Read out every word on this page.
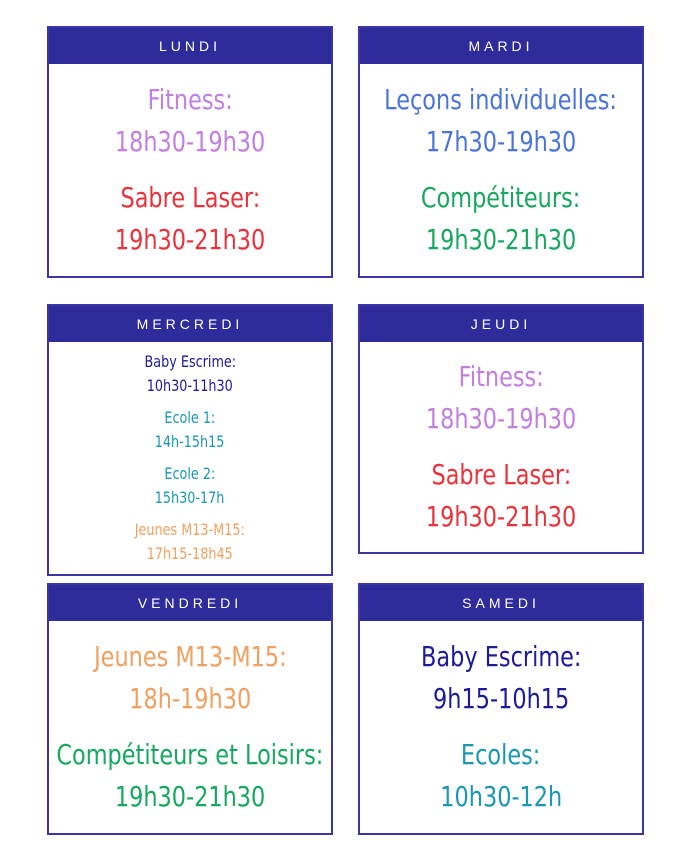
LUNDI
Fitness:
18h30-19h30
Sabre Laser:
19h30-21h30
MARDI
Leçons individuelles:
17h30-19h30
Compétiteurs:
19h30-21h30
MERCREDI
Baby Escrime:
10h30-11h30
Ecole 1:
14h-15h15
Ecole 2:
15h30-17h
Jeunes M13-M15:
17h15-18h45
JEUDI
Fitness:
18h30-19h30
Sabre Laser:
19h30-21h30
VENDREDI
Jeunes M13-M15:
18h-19h30
Compétiteurs et Loisirs:
19h30-21h30
SAMEDI
Baby Escrime:
9h15-10h15
Ecoles:
10h30-12h
